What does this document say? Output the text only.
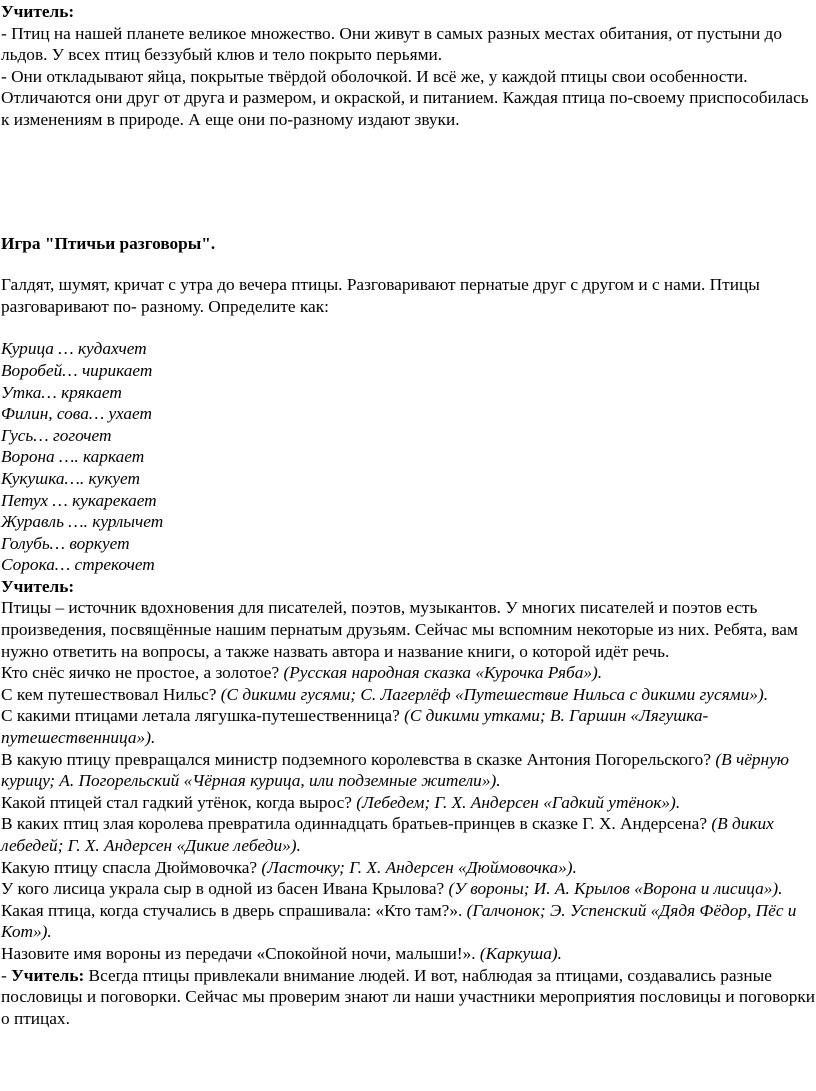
Учитель:

- Птиц на нашей планете великое множество. Они живут в самых разных местах обитания, от пустыни до льдов. У всех птиц беззубый клюв и тело покрыто перьями.

- Они откладывают яйца, покрытые твёрдой оболочкой. И всё же, у каждой птицы свои особенности. Отличаются они друг от друга и размером, и окраской, и питанием. Каждая птица по-своему приспособилась к изменениям в природе. А еще они по-разному издают звуки.

Игра "Птичьи разговоры".

Галдят, шумят, кричат с утра до вечера птицы. Разговаривают пернатые друг с другом и с нами. Птицы разговаривают по- разному. Определите как:

Курица … кудахчет

Воробей… чирикает

Утка… крякает

Филин, сова… ухает

Гусь… гогочет

Ворона …. каркает

Кукушка…. кукует

Петух … кукарекает

Журавль …. курлычет

Голубь… воркует

Сорока… стрекочет

Учитель:

Птицы – источник вдохновения для писателей, поэтов, музыкантов. У многих писателей и поэтов есть произведения, посвящённые нашим пернатым друзьям. Сейчас мы вспомним некоторые из них. Ребята, вам нужно ответить на вопросы, а также назвать автора и название книги, о которой идёт речь.

Кто снёс яичко не простое, а золотое? (Русская народная сказка «Курочка Ряба»).

С кем путешествовал Нильс? (С дикими гусями; С. Лагерлёф «Путешествие Нильса с дикими гусями»).

С какими птицами летала лягушка-путешественница? (С дикими утками; В. Гаршин «Лягушка-путешественница»).

В какую птицу превращался министр подземного королевства в сказке Антония Погорельского? (В чёрную курицу; А. Погорельский «Чёрная курица, или подземные жители»).

Какой птицей стал гадкий утёнок, когда вырос? (Лебедем; Г. Х. Андерсен «Гадкий утёнок»).

В каких птиц злая королева превратила одиннадцать братьев-принцев в сказке Г. Х. Андерсена? (В диких лебедей; Г. Х. Андерсен «Дикие лебеди»).

Какую птицу спасла Дюймовочка? (Ласточку; Г. Х. Андерсен «Дюймовочка»).

У кого лисица украла сыр в одной из басен Ивана Крылова? (У вороны; И. А. Крылов «Ворона и лисица»).

Какая птица, когда стучались в дверь спрашивала: «Кто там?». (Галчонок; Э. Успенский «Дядя Фёдор, Пёс и Кот»).

Назовите имя вороны из передачи «Спокойной ночи, малыши!». (Каркуша).

- Учитель: Всегда птицы привлекали внимание людей. И вот, наблюдая за птицами, создавались разные пословицы и поговорки. Сейчас мы проверим знают ли наши участники мероприятия пословицы и поговорки о птицах.
